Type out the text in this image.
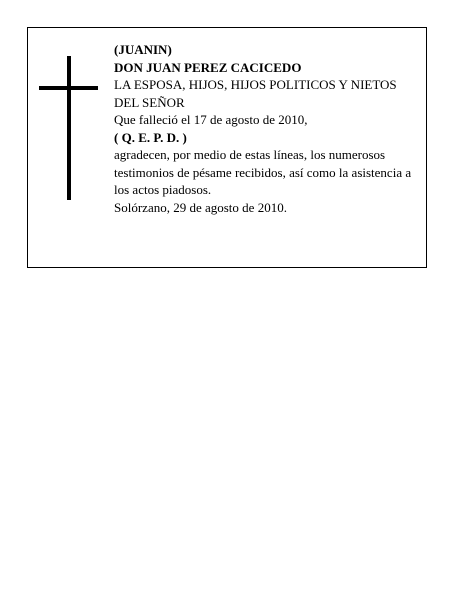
(JUANIN)
DON JUAN PEREZ CACICEDO
LA ESPOSA, HIJOS, HIJOS POLITICOS Y NIETOS DEL SEÑOR
Que falleció el 17 de agosto de 2010,
( Q. E. P. D. )
agradecen, por medio de estas líneas, los numerosos testimonios de pésame recibidos, así como la asistencia a los actos piadosos.
Solórzano, 29 de agosto de 2010.
